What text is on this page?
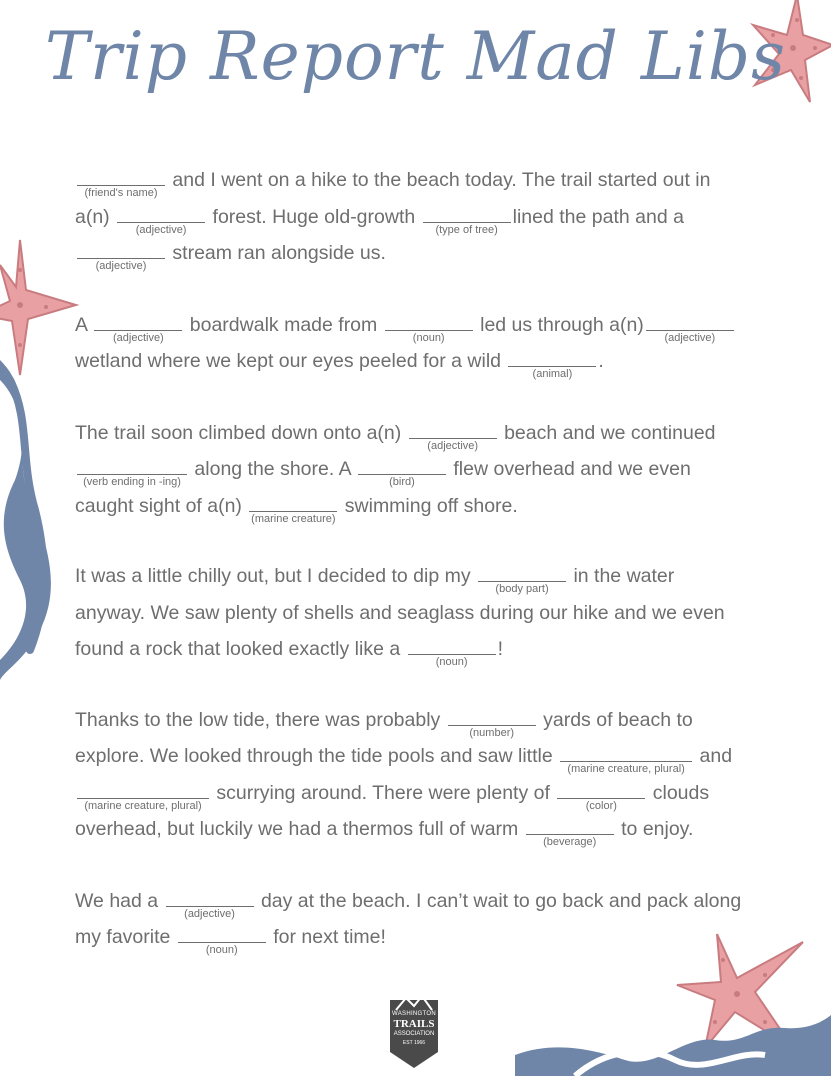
Trip Report Mad Libs
(friend's name)
and I went on a hike to the beach today. The trail started out in
a(n)
(adjective)
forest. Huge old-growth
(type of tree)
lined the path and a
(adjective)
stream ran alongside us.
A
(adjective)
boardwalk made from
(noun)
led us through a(n)
(adjective)
wetland where we kept our eyes peeled for a wild
(animal)
.
The trail soon climbed down onto a(n)
(adjective)
beach and we continued
(verb ending in -ing)
along the shore. A
(bird)
flew overhead and we even
caught sight of a(n)
(marine creature)
swimming off shore.
It was a little chilly out, but I decided to dip my
(body part)
in the water
anyway. We saw plenty of shells and seaglass during our hike and we even
found a rock that looked exactly like a
(noun)
!
Thanks to the low tide, there was probably
(number)
yards of beach to
explore. We looked through the tide pools and saw little
(marine creature, plural)
and
(marine creature, plural)
scurrying around. There were plenty of
(color)
clouds
overhead, but luckily we had a thermos full of warm
(beverage)
to enjoy.
We had a
(adjective)
day at the beach. I can’t wait to go back and pack along
my favorite
(noun)
for next time!
WASHINGTON
TRAILS
ASSOCIATION
EST 1966
